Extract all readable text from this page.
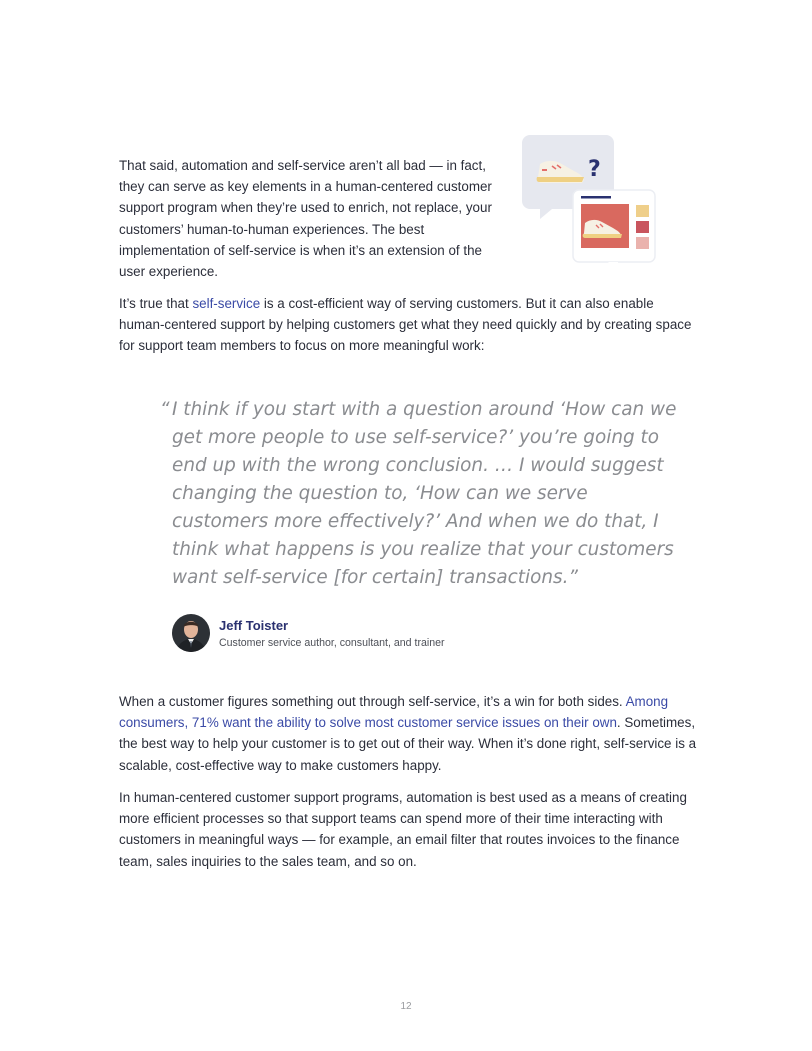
That said, automation and self-service aren’t all bad — in fact, they can serve as key elements in a human-centered customer support program when they’re used to enrich, not replace, your customers’ human-to-human experiences. The best implementation of self-service is when it’s an extension of the user experience.

?

It’s true that self-service is a cost-efficient way of serving customers. But it can also enable human-centered support by helping customers get what they need quickly and by creating space for support team members to focus on more meaningful work:

“ I think if you start with a question around ‘How can we get more people to use self-service?’ you’re going to end up with the wrong conclusion. … I would suggest changing the question to, ‘How can we serve customers more effectively?’ And when we do that, I think what happens is you realize that your customers want self-service [for certain] transactions.”
Jeff Toister
Customer service author, consultant, and trainer

When a customer figures something out through self-service, it’s a win for both sides. Among consumers, 71% want the ability to solve most customer service issues on their own. Sometimes, the best way to help your customer is to get out of their way. When it’s done right, self-service is a scalable, cost-effective way to make customers happy.

In human-centered customer support programs, automation is best used as a means of creating more efficient processes so that support teams can spend more of their time interacting with customers in meaningful ways — for example, an email filter that routes invoices to the finance team, sales inquiries to the sales team, and so on.

12
